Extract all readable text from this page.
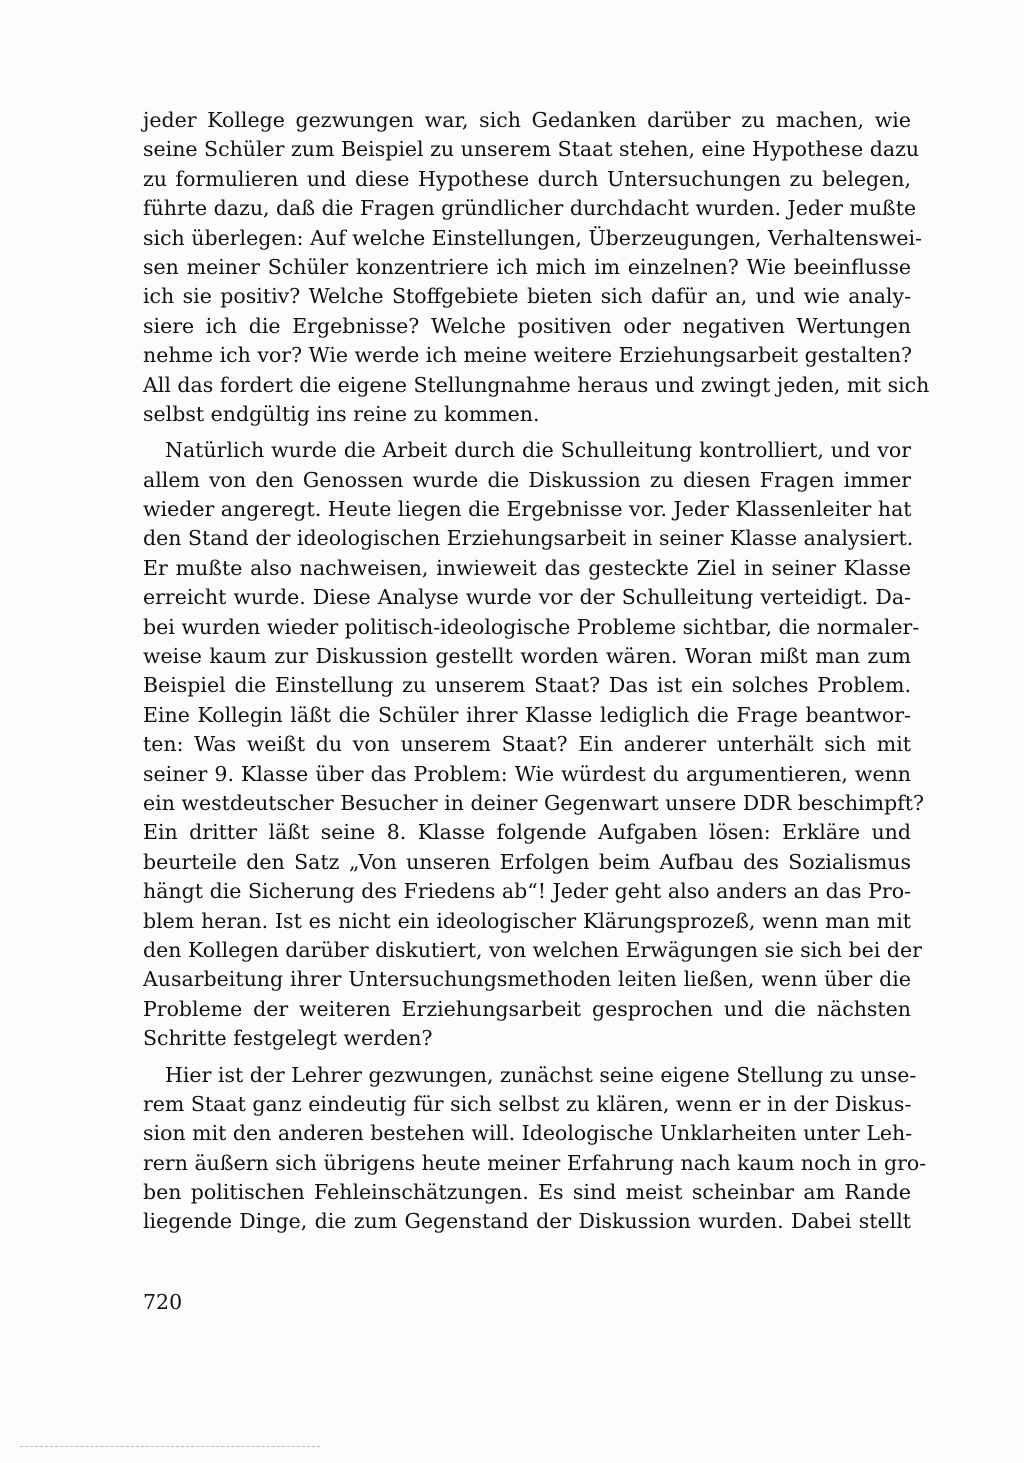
jeder Kollege gezwungen war, sich Gedanken darüber zu machen, wie
seine Schüler zum Beispiel zu unserem Staat stehen, eine Hypothese dazu
zu formulieren und diese Hypothese durch Untersuchungen zu belegen,
führte dazu, daß die Fragen gründlicher durchdacht wurden. Jeder mußte
sich überlegen: Auf welche Einstellungen, Überzeugungen, Verhaltenswei-
sen meiner Schüler konzentriere ich mich im einzelnen? Wie beeinflusse
ich sie positiv? Welche Stoffgebiete bieten sich dafür an, und wie analy-
siere ich die Ergebnisse? Welche positiven oder negativen Wertungen
nehme ich vor? Wie werde ich meine weitere Erziehungsarbeit gestalten?
All das fordert die eigene Stellungnahme heraus und zwingt jeden, mit sich
selbst endgültig ins reine zu kommen.
Natürlich wurde die Arbeit durch die Schulleitung kontrolliert, und vor
allem von den Genossen wurde die Diskussion zu diesen Fragen immer
wieder angeregt. Heute liegen die Ergebnisse vor. Jeder Klassenleiter hat
den Stand der ideologischen Erziehungsarbeit in seiner Klasse analysiert.
Er mußte also nachweisen, inwieweit das gesteckte Ziel in seiner Klasse
erreicht wurde. Diese Analyse wurde vor der Schulleitung verteidigt. Da-
bei wurden wieder politisch-ideologische Probleme sichtbar, die normaler-
weise kaum zur Diskussion gestellt worden wären. Woran mißt man zum
Beispiel die Einstellung zu unserem Staat? Das ist ein solches Problem.
Eine Kollegin läßt die Schüler ihrer Klasse lediglich die Frage beantwor-
ten: Was weißt du von unserem Staat? Ein anderer unterhält sich mit
seiner 9. Klasse über das Problem: Wie würdest du argumentieren, wenn
ein westdeutscher Besucher in deiner Gegenwart unsere DDR beschimpft?
Ein dritter läßt seine 8. Klasse folgende Aufgaben lösen: Erkläre und
beurteile den Satz „Von unseren Erfolgen beim Aufbau des Sozialismus
hängt die Sicherung des Friedens ab“! Jeder geht also anders an das Pro-
blem heran. Ist es nicht ein ideologischer Klärungsprozeß, wenn man mit
den Kollegen darüber diskutiert, von welchen Erwägungen sie sich bei der
Ausarbeitung ihrer Untersuchungsmethoden leiten ließen, wenn über die
Probleme der weiteren Erziehungsarbeit gesprochen und die nächsten
Schritte festgelegt werden?
Hier ist der Lehrer gezwungen, zunächst seine eigene Stellung zu unse-
rem Staat ganz eindeutig für sich selbst zu klären, wenn er in der Diskus-
sion mit den anderen bestehen will. Ideologische Unklarheiten unter Leh-
rern äußern sich übrigens heute meiner Erfahrung nach kaum noch in gro-
ben politischen Fehleinschätzungen. Es sind meist scheinbar am Rande
liegende Dinge, die zum Gegenstand der Diskussion wurden. Dabei stellt
720
